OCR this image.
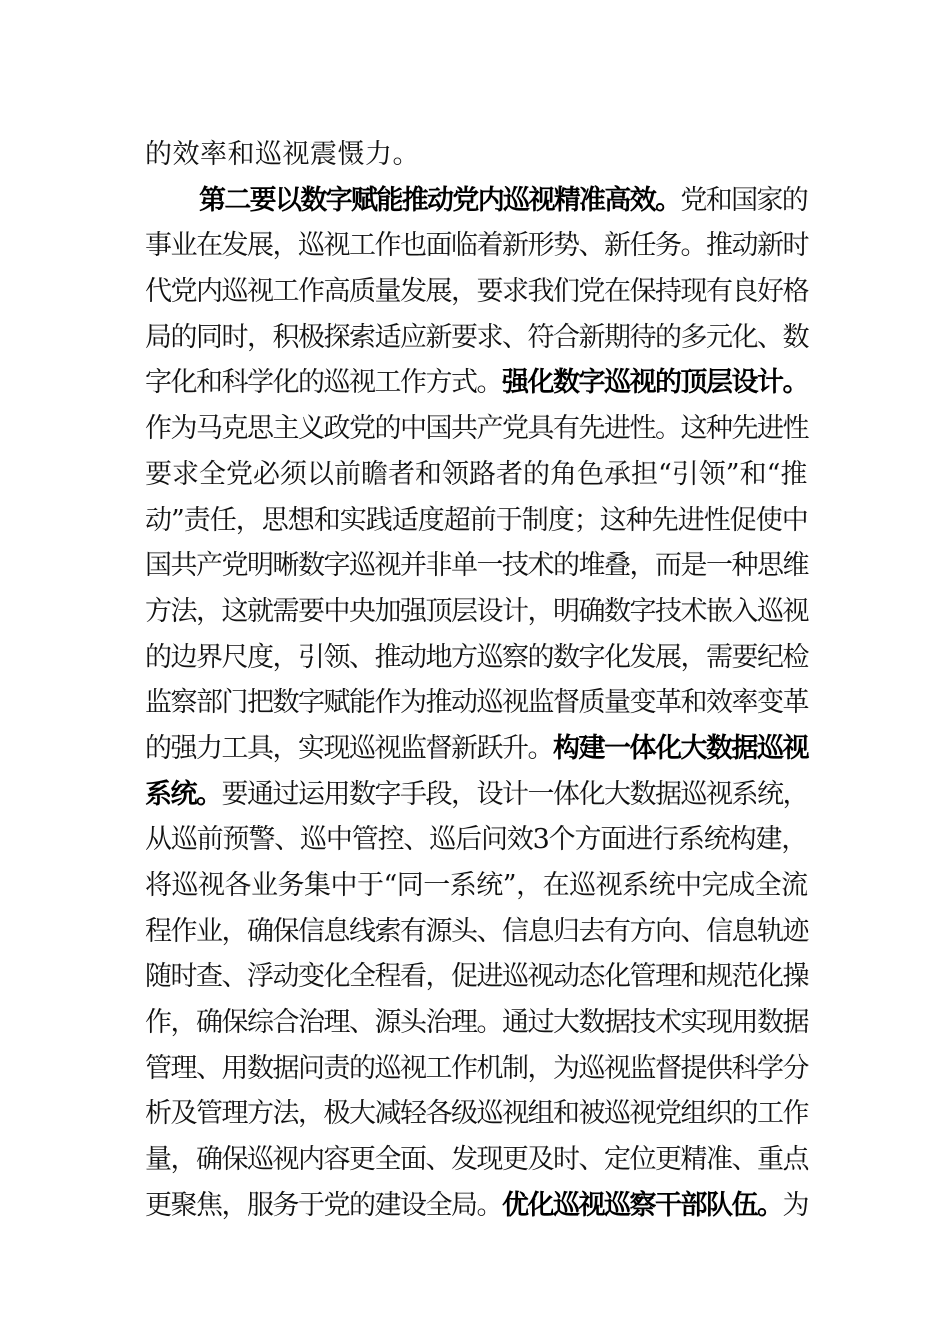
的效率和巡视震慑力。
第二要以数字赋能推动党内巡视精准高效。党和国家的
事业在发展，巡视工作也面临着新形势、新任务。推动新时
代党内巡视工作高质量发展，要求我们党在保持现有良好格
局的同时，积极探索适应新要求、符合新期待的多元化、数
字化和科学化的巡视工作方式。强化数字巡视的顶层设计。
作为马克思主义政党的中国共产党具有先进性。这种先进性
要求全党必须以前瞻者和领路者的角色承担“引领”和“推
动”责任，思想和实践适度超前于制度；这种先进性促使中
国共产党明晰数字巡视并非单一技术的堆叠，而是一种思维
方法，这就需要中央加强顶层设计，明确数字技术嵌入巡视
的边界尺度，引领、推动地方巡察的数字化发展，需要纪检
监察部门把数字赋能作为推动巡视监督质量变革和效率变革
的强力工具，实现巡视监督新跃升。构建一体化大数据巡视
系统。要通过运用数字手段，设计一体化大数据巡视系统，
从巡前预警、巡中管控、巡后问效3个方面进行系统构建，
将巡视各业务集中于“同一系统”，在巡视系统中完成全流
程作业，确保信息线索有源头、信息归去有方向、信息轨迹
随时查、浮动变化全程看，促进巡视动态化管理和规范化操
作，确保综合治理、源头治理。通过大数据技术实现用数据
管理、用数据问责的巡视工作机制，为巡视监督提供科学分
析及管理方法，极大减轻各级巡视组和被巡视党组织的工作
量，确保巡视内容更全面、发现更及时、定位更精准、重点
更聚焦，服务于党的建设全局。优化巡视巡察干部队伍。为
